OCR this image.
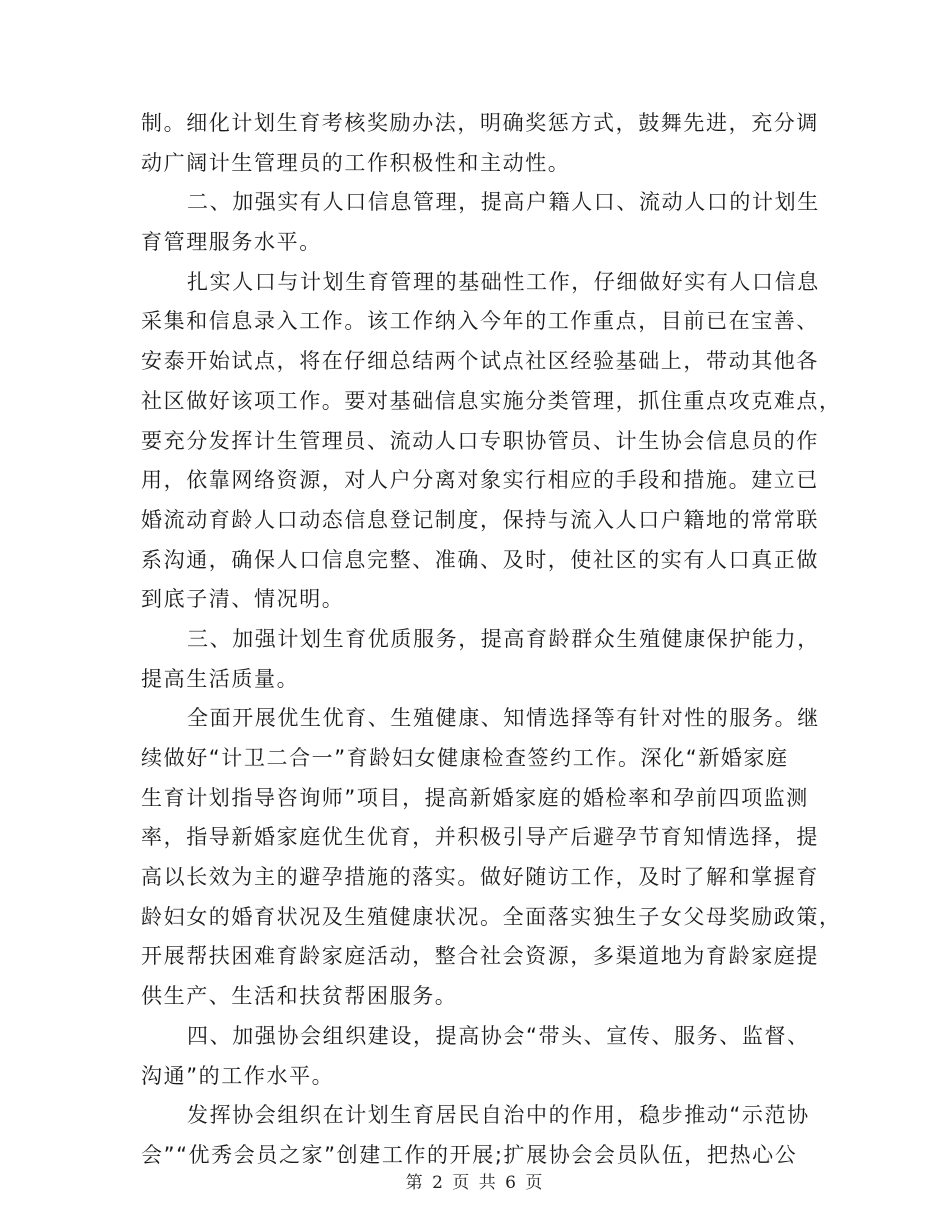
制。细化计划生育考核奖励办法，明确奖惩方式，鼓舞先进，充分调
动广阔计生管理员的工作积极性和主动性。
二、加强实有人口信息管理，提高户籍人口、流动人口的计划生
育管理服务水平。
扎实人口与计划生育管理的基础性工作，仔细做好实有人口信息
采集和信息录入工作。该工作纳入今年的工作重点，目前已在宝善、
安泰开始试点，将在仔细总结两个试点社区经验基础上，带动其他各
社区做好该项工作。要对基础信息实施分类管理，抓住重点攻克难点，
要充分发挥计生管理员、流动人口专职协管员、计生协会信息员的作
用，依靠网络资源，对人户分离对象实行相应的手段和措施。建立已
婚流动育龄人口动态信息登记制度，保持与流入人口户籍地的常常联
系沟通，确保人口信息完整、准确、及时，使社区的实有人口真正做
到底子清、情况明。
三、加强计划生育优质服务，提高育龄群众生殖健康保护能力，
提高生活质量。
全面开展优生优育、生殖健康、知情选择等有针对性的服务。继
续做好“计卫二合一”育龄妇女健康检查签约工作。深化“新婚家庭
生育计划指导咨询师”项目，提高新婚家庭的婚检率和孕前四项监测
率，指导新婚家庭优生优育，并积极引导产后避孕节育知情选择，提
高以长效为主的避孕措施的落实。做好随访工作，及时了解和掌握育
龄妇女的婚育状况及生殖健康状况。全面落实独生子女父母奖励政策，
开展帮扶困难育龄家庭活动，整合社会资源，多渠道地为育龄家庭提
供生产、生活和扶贫帮困服务。
四、加强协会组织建设，提高协会“带头、宣传、服务、监督、
沟通”的工作水平。
发挥协会组织在计划生育居民自治中的作用，稳步推动“示范协
会”“优秀会员之家”创建工作的开展;扩展协会会员队伍，把热心公
第 2 页 共 6 页
